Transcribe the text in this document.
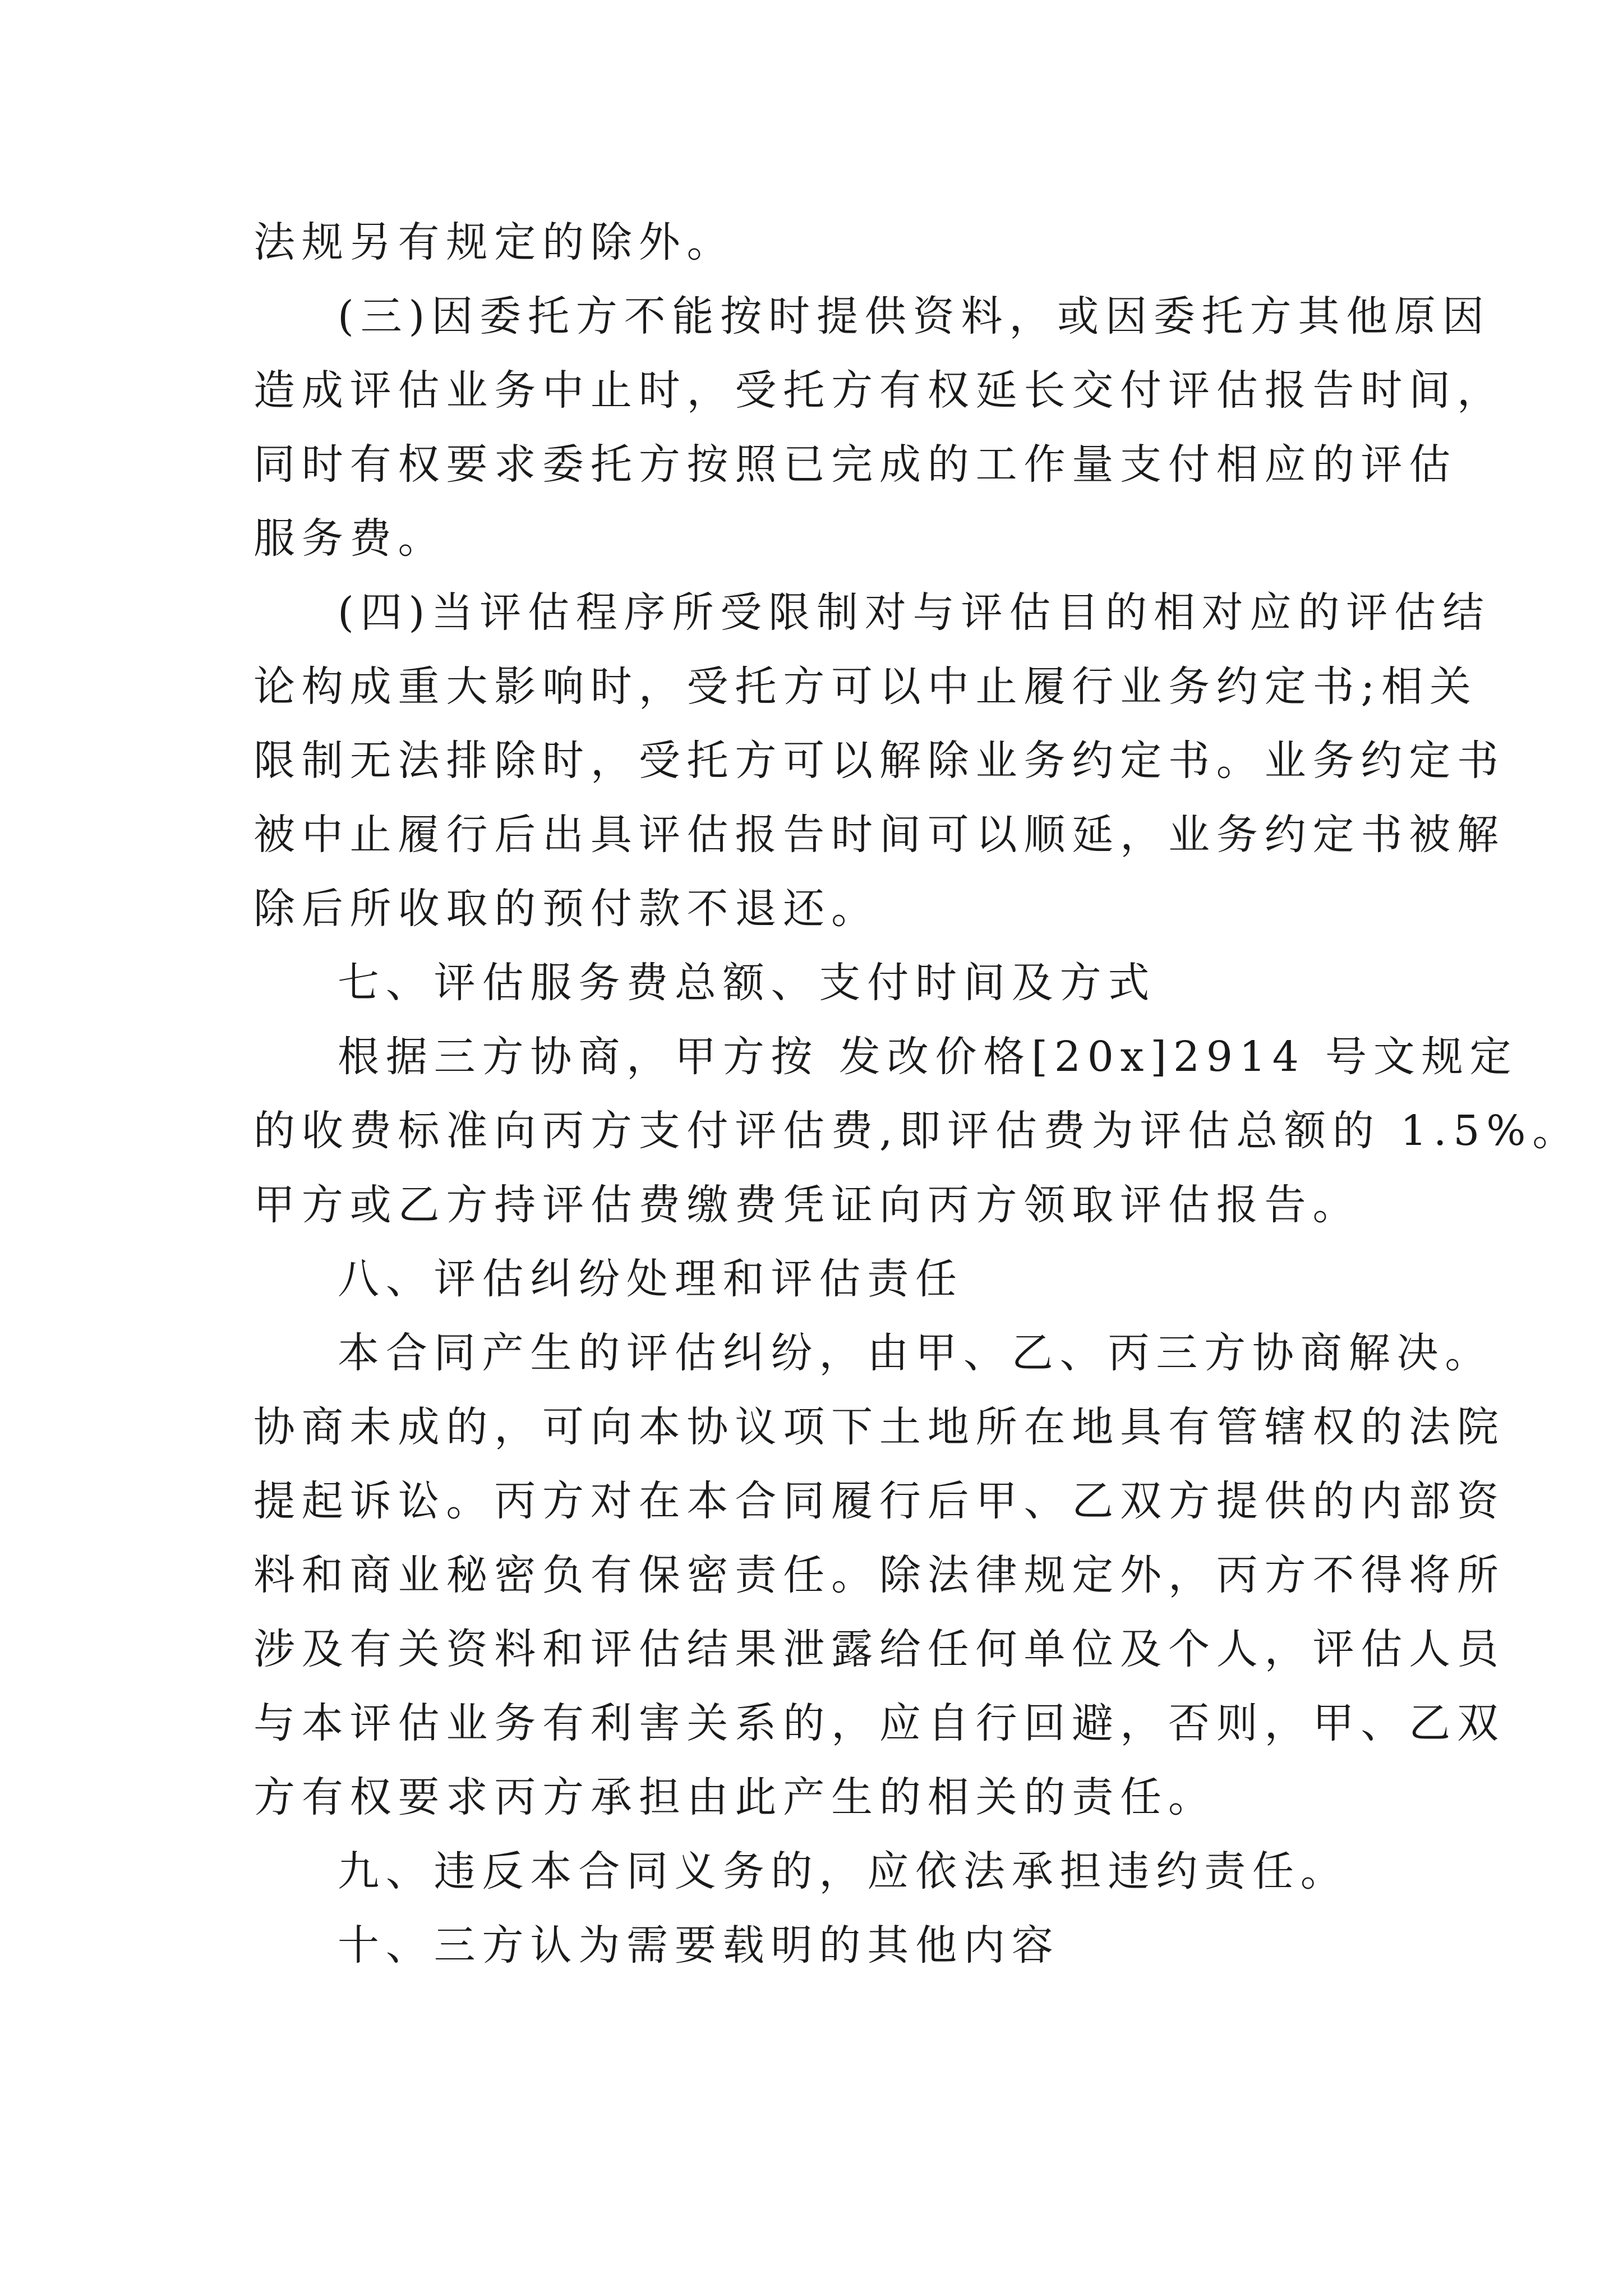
法规另有规定的除外。
(三)因委托方不能按时提供资料，或因委托方其他原因
造成评估业务中止时，受托方有权延长交付评估报告时间，
同时有权要求委托方按照已完成的工作量支付相应的评估
服务费。
(四)当评估程序所受限制对与评估目的相对应的评估结
论构成重大影响时，受托方可以中止履行业务约定书;相关
限制无法排除时，受托方可以解除业务约定书。业务约定书
被中止履行后出具评估报告时间可以顺延，业务约定书被解
除后所收取的预付款不退还。
七、评估服务费总额、支付时间及方式
根据三方协商，甲方按 发改价格[20x]2914 号文规定
的收费标准向丙方支付评估费,即评估费为评估总额的 1.5%。
甲方或乙方持评估费缴费凭证向丙方领取评估报告。
八、评估纠纷处理和评估责任
本合同产生的评估纠纷，由甲、乙、丙三方协商解决。
协商未成的，可向本协议项下土地所在地具有管辖权的法院
提起诉讼。丙方对在本合同履行后甲、乙双方提供的内部资
料和商业秘密负有保密责任。除法律规定外，丙方不得将所
涉及有关资料和评估结果泄露给任何单位及个人，评估人员
与本评估业务有利害关系的，应自行回避，否则，甲、乙双
方有权要求丙方承担由此产生的相关的责任。
九、违反本合同义务的，应依法承担违约责任。
十、三方认为需要载明的其他内容
